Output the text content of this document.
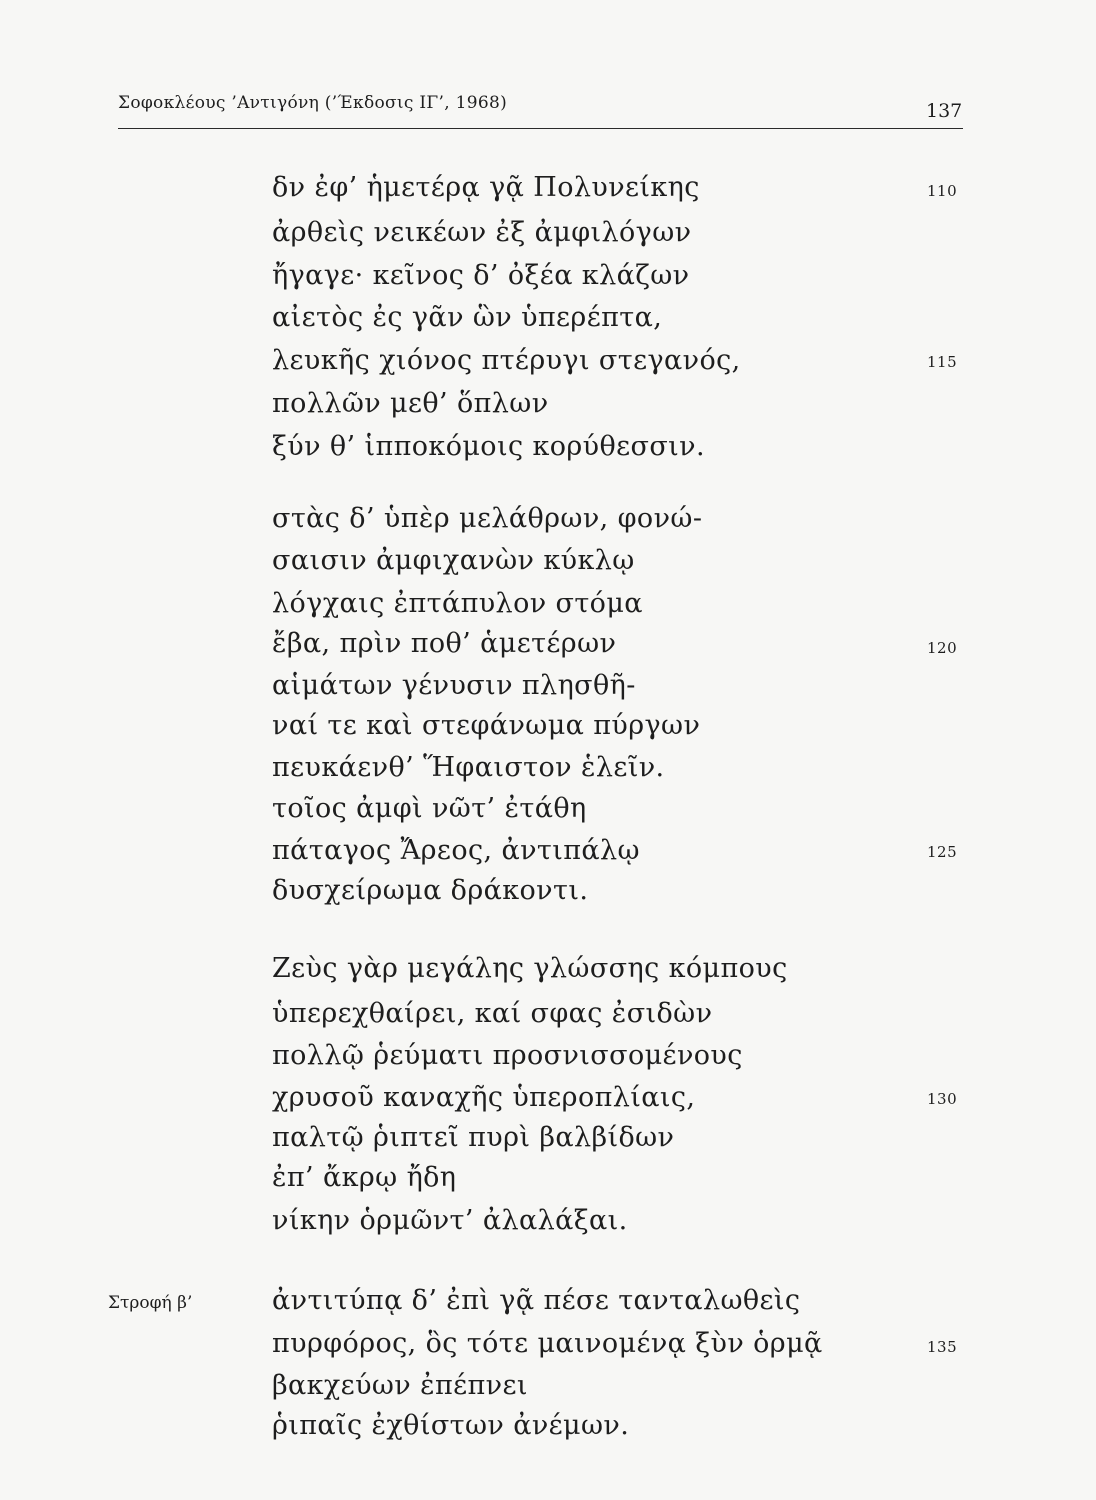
Σοφοκλέους ’Αντιγόνη (’Έκδοσις ΙΓ’, 1968)	137
δν ἐφ’ ἡμετέρᾳ γᾷ Πολυνείκης
ἀρθεὶς νεικέων ἐξ ἀμφιλόγων
ἤγαγε· κεῖνος δ’ ὀξέα κλάζων
αἰετὸς ἐς γᾶν ὣν ὑπερέπτα,
λευκῆς χιόνος πτέρυγι στεγανός,
πολλῶν μεθ’ ὅπλων
ξύν θ’ ἱπποκόμοις κορύθεσσιν.
στὰς δ’ ὑπὲρ μελάθρων, φονώ-
σαισιν ἀμφιχανὼν κύκλῳ
λόγχαις ἐπτάπυλον στόμα
ἔβα, πρὶν ποθ’ ἁμετέρων
αἱμάτων γένυσιν πλησθῆ-
ναί τε καὶ στεφάνωμα πύργων
πευκάενθ’ Ἥφαιστον ἑλεῖν.
τοῖος ἀμφὶ νῶτ’ ἐτάθη
πάταγος Ἄρεος, ἀντιπάλῳ
δυσχείρωμα δράκοντι.
Ζεὺς γὰρ μεγάλης γλώσσης κόμπους
ὑπερεχθαίρει, καί σφας ἐσιδὼν
πολλῷ ῥεύματι προσνισσομένους
χρυσοῦ καναχῆς ὑπεροπλίαις,
παλτῷ ῥιπτεῖ πυρὶ βαλβίδων
ἐπ’ ἄκρῳ ἤδη
νίκην ὁρμῶντ’ ἀλαλάξαι.
Στροφή β’	ἀντιτύπᾳ δ’ ἐπὶ γᾷ πέσε τανταλωθεὶς
πυρφόρος, ὃς τότε μαινομένᾳ ξὺν ὁρμᾷ
βακχεύων ἐπέπνει
ῥιπαῖς ἐχθίστων ἀνέμων.
110
115
120
125
130
135
